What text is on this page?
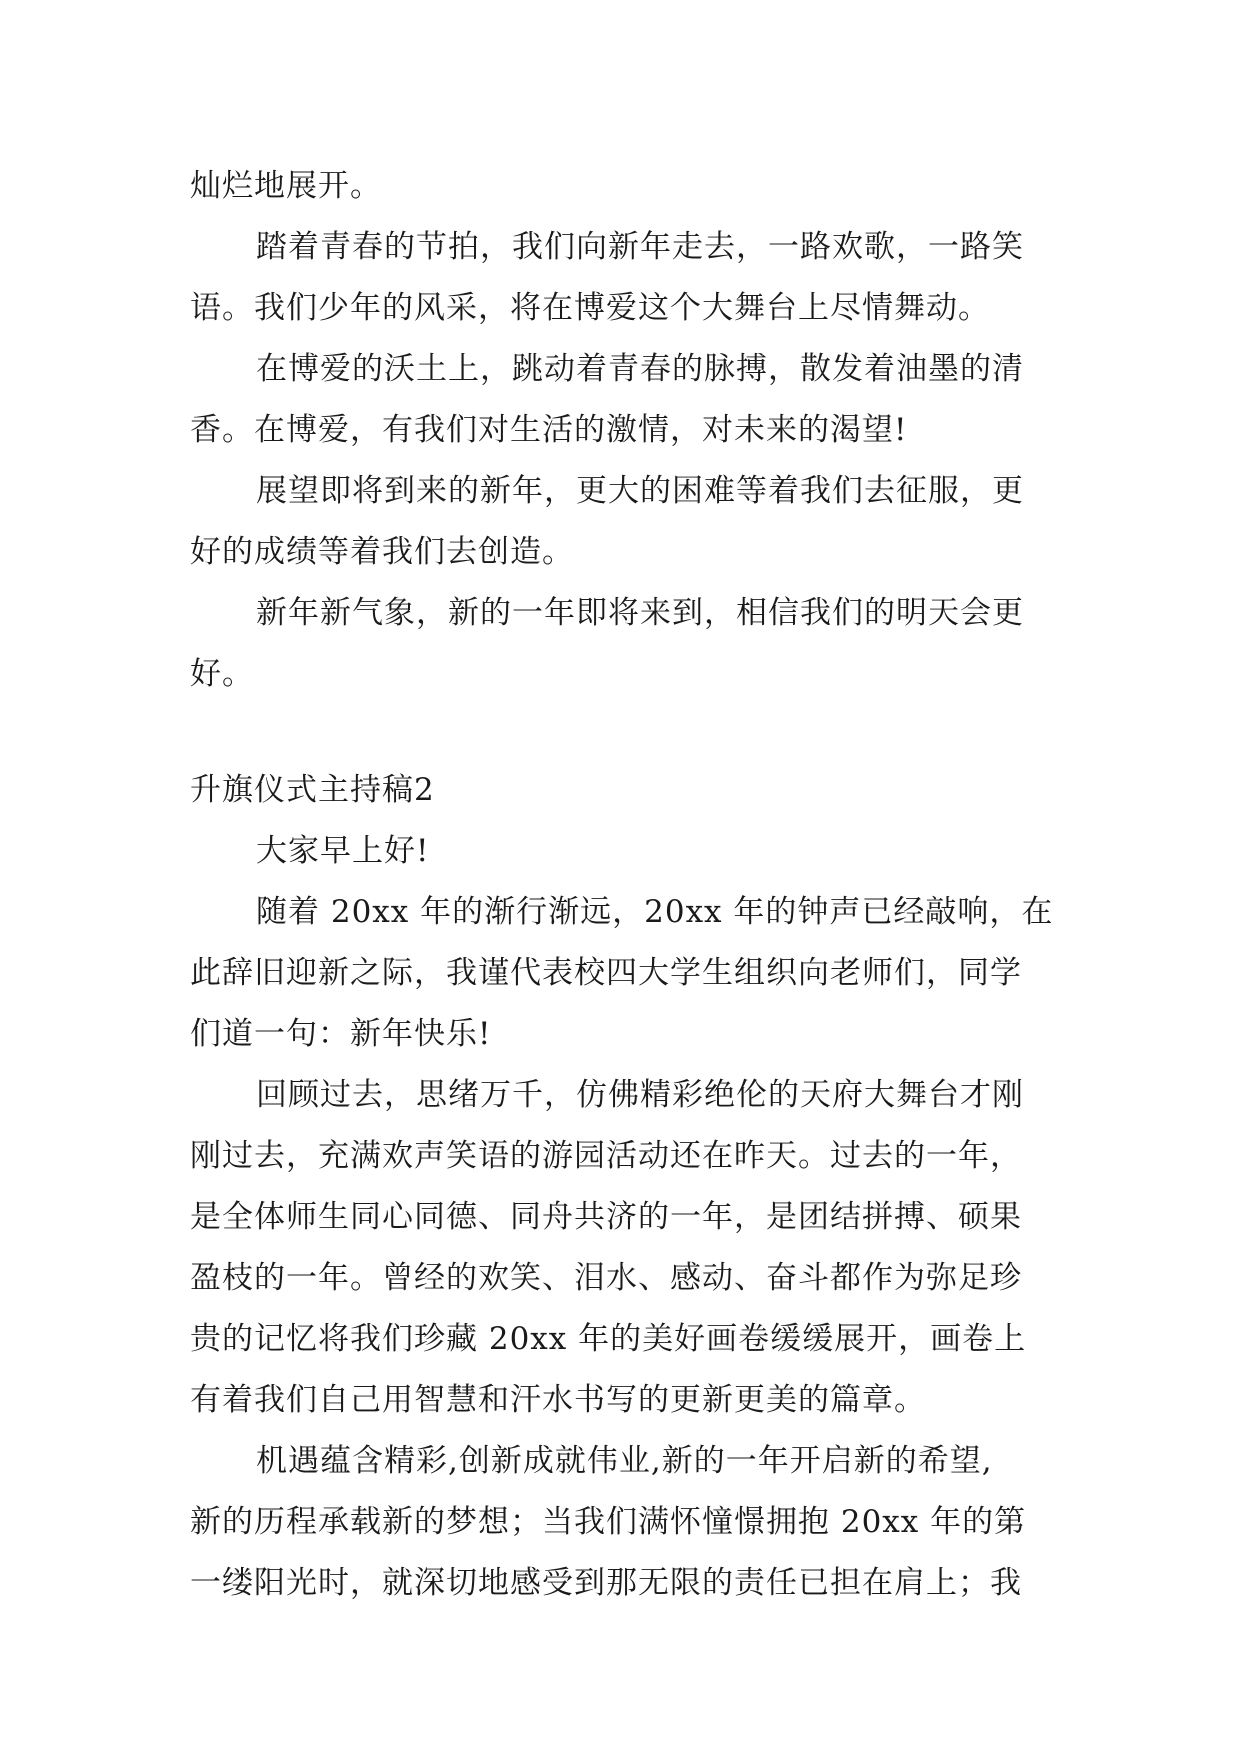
灿烂地展开。
踏着青春的节拍，我们向新年走去，一路欢歌，一路笑
语。我们少年的风采，将在博爱这个大舞台上尽情舞动。
在博爱的沃土上，跳动着青春的脉搏，散发着油墨的清
香。在博爱，有我们对生活的激情，对未来的渴望!
展望即将到来的新年，更大的困难等着我们去征服，更
好的成绩等着我们去创造。
新年新气象，新的一年即将来到，相信我们的明天会更
好。
升旗仪式主持稿2
大家早上好!
随着 20xx 年的渐行渐远，20xx 年的钟声已经敲响，在
此辞旧迎新之际，我谨代表校四大学生组织向老师们，同学
们道一句：新年快乐!
回顾过去，思绪万千，仿佛精彩绝伦的天府大舞台才刚
刚过去，充满欢声笑语的游园活动还在昨天。过去的一年，
是全体师生同心同德、同舟共济的一年，是团结拼搏、硕果
盈枝的一年。曾经的欢笑、泪水、感动、奋斗都作为弥足珍
贵的记忆将我们珍藏 20xx 年的美好画卷缓缓展开，画卷上
有着我们自己用智慧和汗水书写的更新更美的篇章。
机遇蕴含精彩,创新成就伟业,新的一年开启新的希望,
新的历程承载新的梦想；当我们满怀憧憬拥抱 20xx 年的第
一缕阳光时，就深切地感受到那无限的责任已担在肩上；我
